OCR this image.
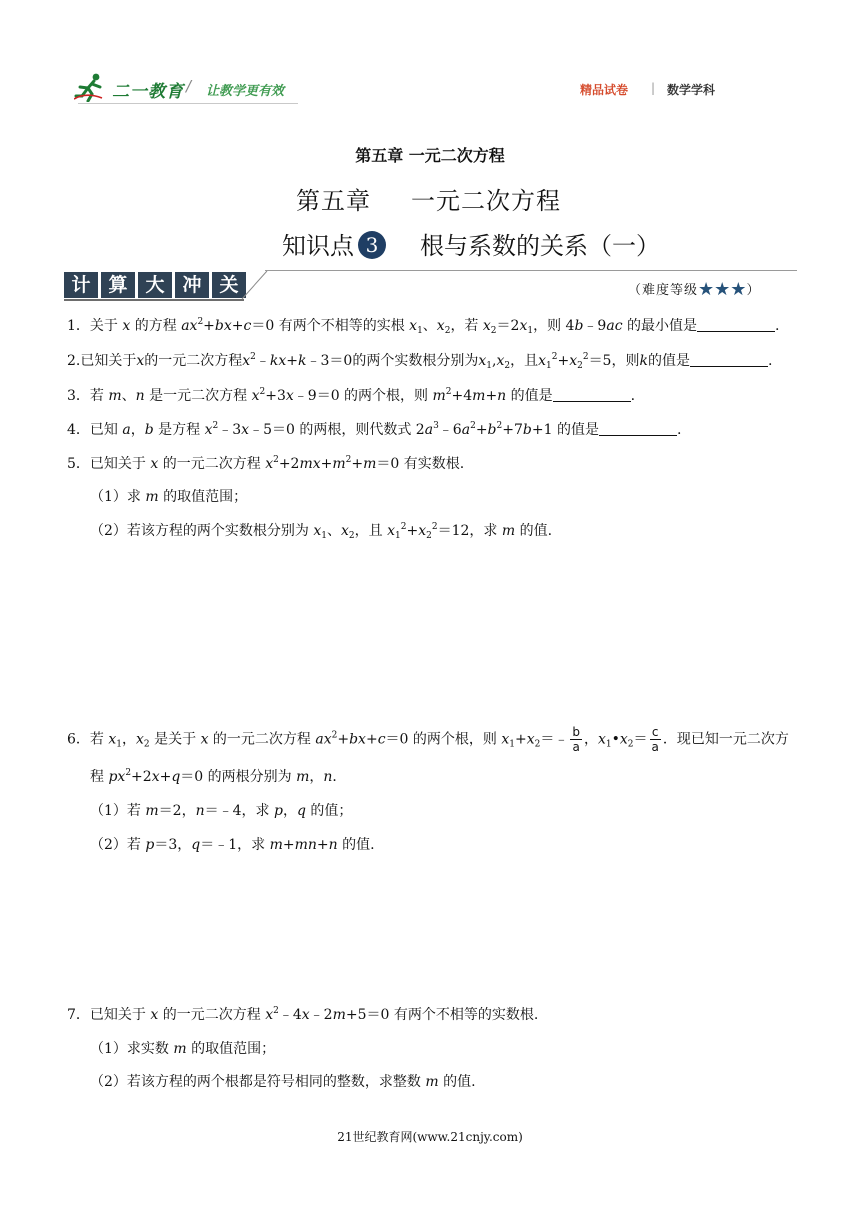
二一教育 / 让教学更有效	精品试卷 | 数学学科
第五章 一元二次方程
第五章 一元二次方程
知识点 3 根与系数的关系（一）
计 算 大 冲 关	（难度等级★★★）
1．关于 x 的方程 $ax^2+bx+c=0$ 有两个不相等的实根 $x_1$、$x_2$，若 $x_2=2x_1$，则 4b﹣9ac 的最小值是	.
2.已知关于x的一元二次方程$x^2﹣kx+k﹣3=0$的两个实数根分别为$x_1,x_2$，且$x_1^2+x_2^2=5$，则k的值是	.
3．若 m、n 是一元二次方程 $x^2+3x﹣9=0$ 的两个根，则 $m^2+4m+n$ 的值是	.
4．已知 a，b 是方程 $x^2﹣3x﹣5=0$ 的两根，则代数式 $2a^3﹣6a^2+b^2+7b+1$ 的值是	.
5．已知关于 x 的一元二次方程 $x^2+2mx+m^2+m=0$ 有实数根.
（1）求 m 的取值范围；
（2）若该方程的两个实数根分别为 $x_1$、$x_2$，且 $x_1^2+x_2^2=12$，求 m 的值.
6．若 $x_1$，$x_2$ 是关于 x 的一元二次方程 $ax^2+bx+c=0$ 的两个根，则 $x_1+x_2=﹣ \frac{b}{a}$ ，$x_1•x_2= \frac{c}{a}$ ．现已知一元二次方
程 $px^2+2x+q=0$ 的两根分别为 m，n．
（1）若 m＝2，n＝﹣4，求 p，q 的值；
（2）若 p＝3，q＝﹣1，求 m+mn+n 的值.
7．已知关于 x 的一元二次方程 $x^2﹣4x﹣2m+5=0$ 有两个不相等的实数根.
（1）求实数 m 的取值范围；
（2）若该方程的两个根都是符号相同的整数，求整数 m 的值.
21世纪教育网(www.21cnjy.com)
